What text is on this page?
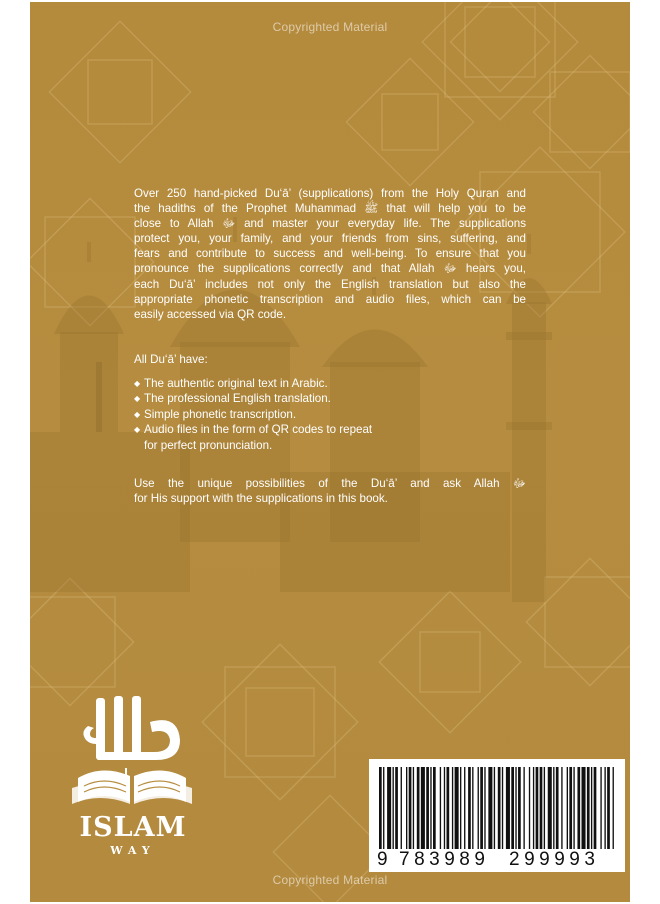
Copyrighted Material
Over 250 hand-picked Du‘ā’ (supplications) from the Holy Quran and
the hadiths of the Prophet Muhammad ﷺ that will help you to be
close to Allah ﷻ and master your everyday life. The supplications
protect you, your family, and your friends from sins, suffering, and
fears and contribute to success and well-being. To ensure that you
pronounce the supplications correctly and that Allah ﷻ hears you,
each Du‘ā’ includes not only the English translation but also the
appropriate phonetic transcription and audio files, which can be
easily accessed via QR code.
All Du‘ā’ have:
◆ The authentic original text in Arabic.
◆ The professional English translation.
◆ Simple phonetic transcription.
◆ Audio files in the form of QR codes to repeat
for perfect pronunciation.
Use the unique possibilities of the Du‘ā’ and ask Allah ﷻ
for His support with the supplications in this book.
ISLAM
WAY	9 783989 299993
Copyrighted Material
